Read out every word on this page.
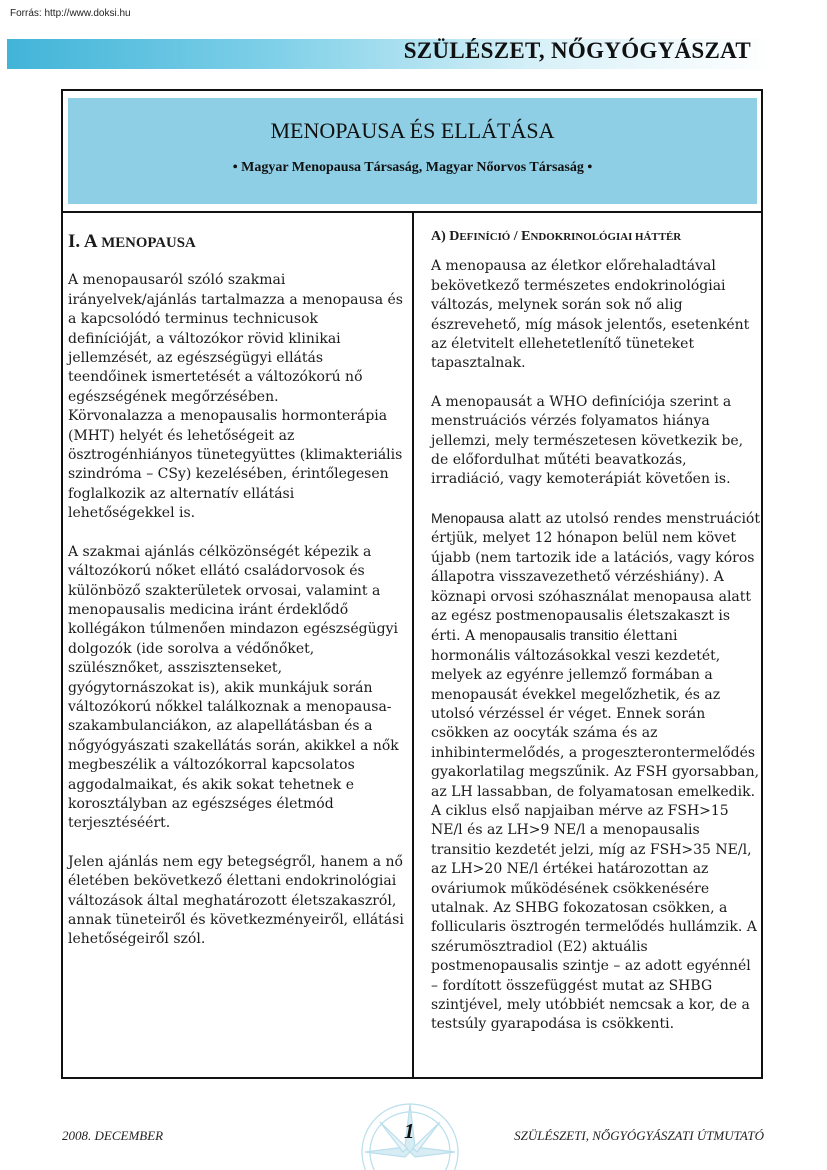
Forrás: http://www.doksi.hu
SZÜLÉSZET, NŐGYÓGYÁSZAT
MENOPAUSA ÉS ELLÁTÁSA
• Magyar Menopausa Társaság, Magyar Nőorvos Társaság •
I. A MENOPAUSA
A menopausaról szóló szakmai irányelvek/ajánlás tartalmazza a menopausa és a kapcsolódó terminus technicusok definícióját, a változókor rövid klinikai jellemzését, az egészségügyi ellátás teendőinek ismertetését a változókorú nő egészségének megőrzésében.

Körvonalazza a menopausalis hormonterápia (MHT) helyét és lehetőségeit az ösztrogénhiányos tünetegyüttes (klimakteriális szindróma – CSy) kezelésében, érintőlegesen foglalkozik az alternatív ellátási lehetőségekkel is.

A szakmai ajánlás célközönségét képezik a változókorú nőket ellátó családorvosok és különböző szakterületek orvosai, valamint a menopausalis medicina iránt érdeklődő kollégákon túlmenően mindazon egészségügyi dolgozók (ide sorolva a védőnőket, szülésznőket, asszisztenseket, gyógytornászokat is), akik munkájuk során változókorú nőkkel találkoznak a menopausa-szakambulanciákon, az alapellátásban és a nőgyógyászati szakellátás során, akikkel a nők megbeszélik a változókorral kapcsolatos aggodalmaikat, és akik sokat tehetnek e korosztályban az egészséges életmód terjesztéséért.

Jelen ajánlás nem egy betegségről, hanem a nő életében bekövetkező élettani endokrinológiai változások által meghatározott életszakaszról, annak tüneteiről és következményeiről, ellátási lehetőségeiről szól.

A) DEFINÍCIÓ / ENDOKRINOLÓGIAI HÁTTÉR

A menopausa az életkor előrehaladtával bekövetkező természetes endokrinológiai változás, melynek során sok nő alig észrevehető, míg mások jelentős, esetenként az életvitelt ellehetetlenítő tüneteket tapasztalnak.

A menopausát a WHO definíciója szerint a menstruációs vérzés folyamatos hiánya jellemzi, mely természetesen következik be, de előfordulhat műtéti beavatkozás, irradiáció, vagy kemoterápiát követően is.

Menopausa alatt az utolsó rendes menstruációt értjük, melyet 12 hónapon belül nem követ újabb (nem tartozik ide a latációs, vagy kóros állapotra visszavezethető vérzéshiány). A köznapi orvosi szóhasználat menopausa alatt az egész postmenopausalis életszakaszt is érti. A menopausalis transitio élettani hormonális változásokkal veszi kezdetét, melyek az egyénre jellemző formában a menopausát évekkel megelőzhetik, és az utolsó vérzéssel ér véget. Ennek során csökken az oocyták száma és az inhibintermelődés, a progeszterontermelődés gyakorlatilag megszűnik. Az FSH gyorsabban, az LH lassabban, de folyamatosan emelkedik. A ciklus első napjaiban mérve az FSH>15 NE/l és az LH>9 NE/l a menopausalis transitio kezdetét jelzi, míg az FSH>35 NE/l, az LH>20 NE/l értékei határozottan az ováriumok működésének csökkenésére utalnak. Az SHBG fokozatosan csökken, a follicularis ösztrogén termelődés hullámzik. A szérumösztradiol (E2) aktuális postmenopausalis szintje – az adott egyénnél – fordított összefüggést mutat az SHBG szintjével, mely utóbbiét nemcsak a kor, de a testsúly gyarapodása is csökkenti.

2008. DECEMBER	1	SZÜLÉSZETI, NŐGYÓGYÁSZATI ÚTMUTATÓ
